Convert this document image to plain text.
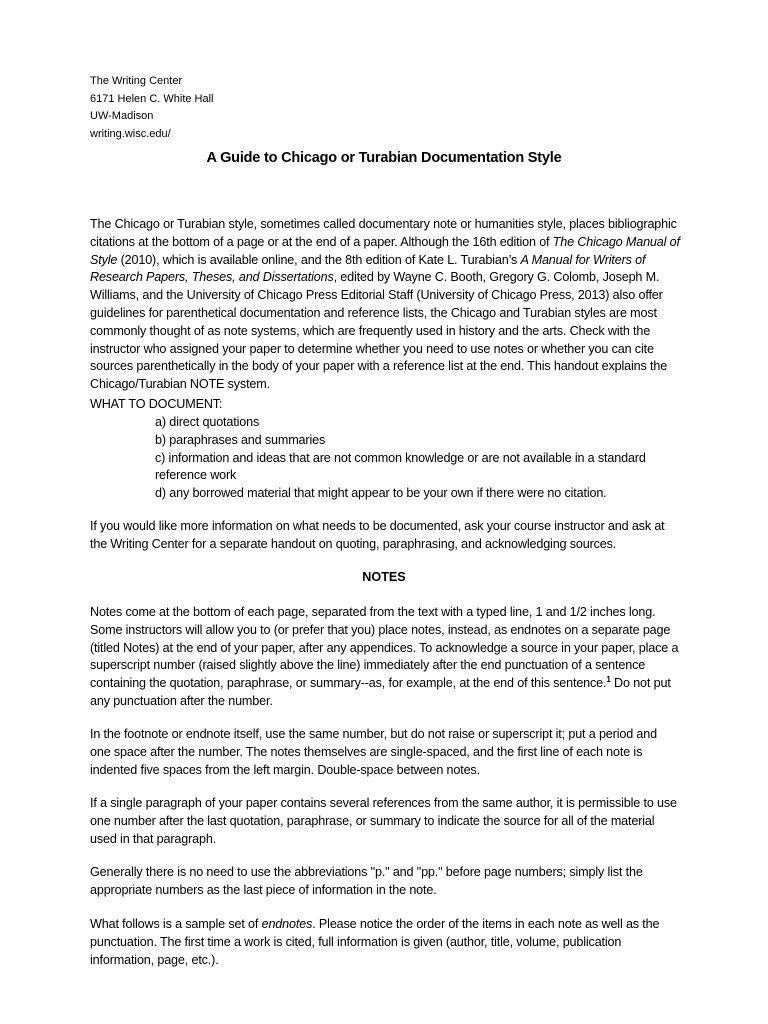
The Writing Center
6171 Helen C. White Hall
UW-Madison
writing.wisc.edu/
A Guide to Chicago or Turabian Documentation Style

The Chicago or Turabian style, sometimes called documentary note or humanities style, places bibliographic citations at the bottom of a page or at the end of a paper. Although the 16th edition of The Chicago Manual of Style (2010), which is available online, and the 8th edition of Kate L. Turabian’s A Manual for Writers of Research Papers, Theses, and Dissertations, edited by Wayne C. Booth, Gregory G. Colomb, Joseph M. Williams, and the University of Chicago Press Editorial Staff (University of Chicago Press, 2013) also offer guidelines for parenthetical documentation and reference lists, the Chicago and Turabian styles are most commonly thought of as note systems, which are frequently used in history and the arts. Check with the instructor who assigned your paper to determine whether you need to use notes or whether you can cite sources parenthetically in the body of your paper with a reference list at the end. This handout explains the Chicago/Turabian NOTE system.

WHAT TO DOCUMENT:

a) direct quotations
b) paraphrases and summaries
c) information and ideas that are not common knowledge or are not available in a standard reference work
d) any borrowed material that might appear to be your own if there were no citation.

If you would like more information on what needs to be documented, ask your course instructor and ask at the Writing Center for a separate handout on quoting, paraphrasing, and acknowledging sources.

NOTES

Notes come at the bottom of each page, separated from the text with a typed line, 1 and 1/2 inches long. Some instructors will allow you to (or prefer that you) place notes, instead, as endnotes on a separate page (titled Notes) at the end of your paper, after any appendices. To acknowledge a source in your paper, place a superscript number (raised slightly above the line) immediately after the end punctuation of a sentence containing the quotation, paraphrase, or summary--as, for example, at the end of this sentence.$^1$ Do not put any punctuation after the number.

In the footnote or endnote itself, use the same number, but do not raise or superscript it; put a period and one space after the number. The notes themselves are single-spaced, and the first line of each note is indented five spaces from the left margin. Double-space between notes.

If a single paragraph of your paper contains several references from the same author, it is permissible to use one number after the last quotation, paraphrase, or summary to indicate the source for all of the material used in that paragraph.

Generally there is no need to use the abbreviations "p." and "pp." before page numbers; simply list the appropriate numbers as the last piece of information in the note.

What follows is a sample set of endnotes. Please notice the order of the items in each note as well as the punctuation. The first time a work is cited, full information is given (author, title, volume, publication information, page, etc.).
